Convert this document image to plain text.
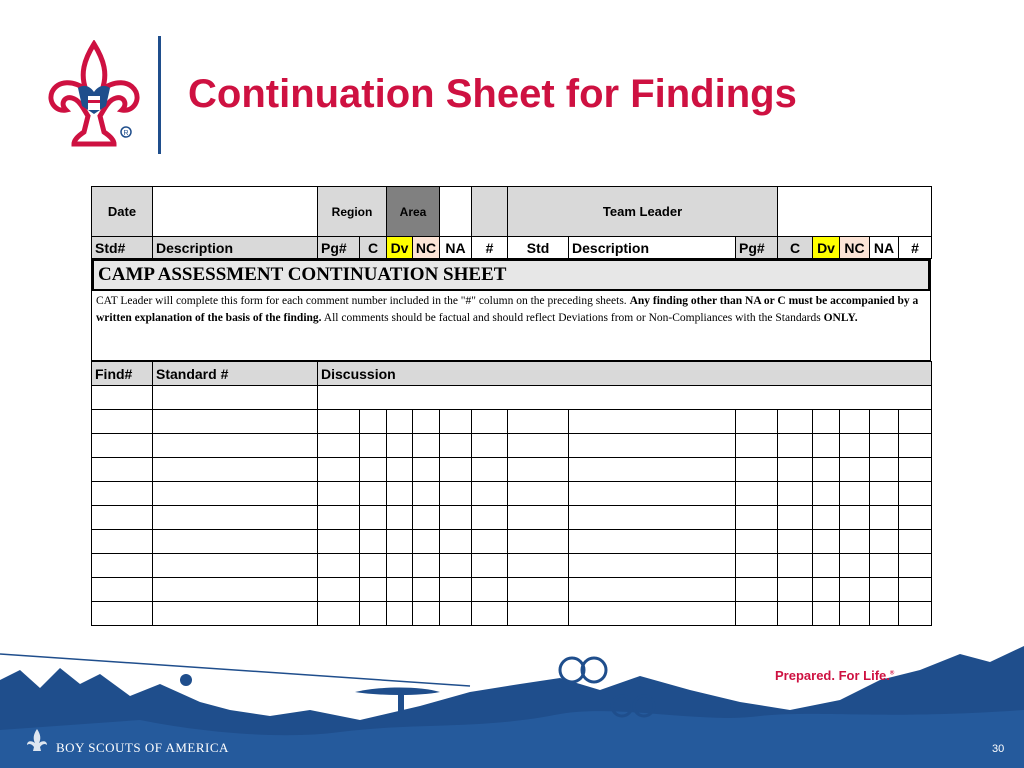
R
Continuation Sheet for Findings
Date		Region		Area				Team Leader							
Std#	Description	Pg#	C	Dv	NC	NA	#	Std	Description	Pg#	C	Dv	NC	NA	#
CAMP ASSESSMENT CONTINUATION SHEET
CAT Leader will complete this form for each comment number included in the "#" column on the preceding sheets. Any finding other than NA or C must be accompanied by a written explanation of the basis of the finding. All comments should be factual and should reflect Deviations from or Non-Compliances with the Standards ONLY.
Find#	Standard #	Discussion													

Prepared. For Life.®
BOY SCOUTS OF AMERICA	30
